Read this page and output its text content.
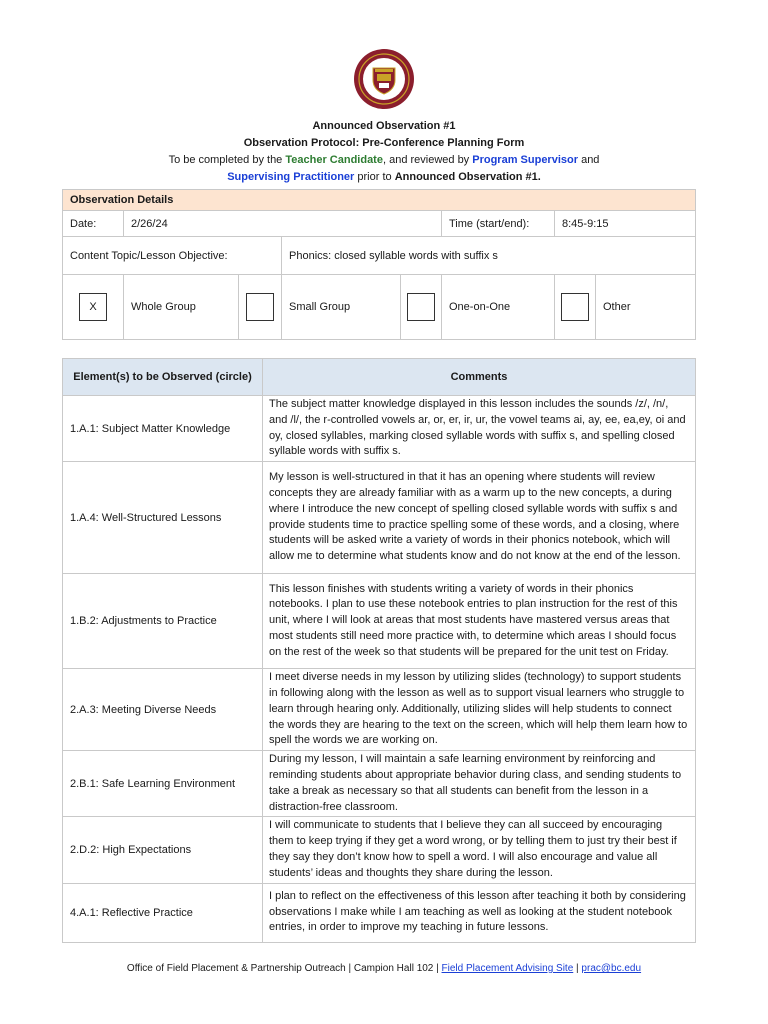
Announced Observation #1
Observation Protocol: Pre-Conference Planning Form
To be completed by the Teacher Candidate, and reviewed by Program Supervisor and
Supervising Practitioner prior to Announced Observation #1.
Observation Details							
Date:	2/26/24				Time (start/end):	8:45-9:15	
Content Topic/Lesson Objective:			Phonics: closed syllable words with suffix s				
X	Whole Group		Small Group		One-on-One		Other
Element(s) to be Observed (circle)	Comments
1.A.1: Subject Matter Knowledge	The subject matter knowledge displayed in this lesson includes the sounds /z/, /n/, and /l/, the r-controlled vowels ar, or, er, ir, ur, the vowel teams ai, ay, ee, ea,ey, oi and oy, closed syllables, marking closed syllable words with suffix s, and spelling closed syllable words with suffix s.
1.A.4: Well-Structured Lessons	My lesson is well-structured in that it has an opening where students will review concepts they are already familiar with as a warm up to the new concepts, a during where I introduce the new concept of spelling closed syllable words with suffix s and provide students time to practice spelling some of these words, and a closing, where students will be asked write a variety of words in their phonics notebook, which will allow me to determine what students know and do not know at the end of the lesson.
1.B.2: Adjustments to Practice	This lesson finishes with students writing a variety of words in their phonics notebooks. I plan to use these notebook entries to plan instruction for the rest of this unit, where I will look at areas that most students have mastered versus areas that most students still need more practice with, to determine which areas I should focus on the rest of the week so that students will be prepared for the unit test on Friday.
2.A.3: Meeting Diverse Needs	I meet diverse needs in my lesson by utilizing slides (technology) to support students in following along with the lesson as well as to support visual learners who struggle to learn through hearing only. Additionally, utilizing slides will help students to connect the words they are hearing to the text on the screen, which will help them learn how to spell the words we are working on.
2.B.1: Safe Learning Environment	During my lesson, I will maintain a safe learning environment by reinforcing and reminding students about appropriate behavior during class, and sending students to take a break as necessary so that all students can benefit from the lesson in a distraction-free classroom.
2.D.2: High Expectations	I will communicate to students that I believe they can all succeed by encouraging them to keep trying if they get a word wrong, or by telling them to just try their best if they say they don’t know how to spell a word. I will also encourage and value all students’ ideas and thoughts they share during the lesson.
4.A.1: Reflective Practice	I plan to reflect on the effectiveness of this lesson after teaching it both by considering observations I make while I am teaching as well as looking at the student notebook entries, in order to improve my teaching in future lessons.
Office of Field Placement & Partnership Outreach | Campion Hall 102 | Field Placement Advising Site | prac@bc.edu
